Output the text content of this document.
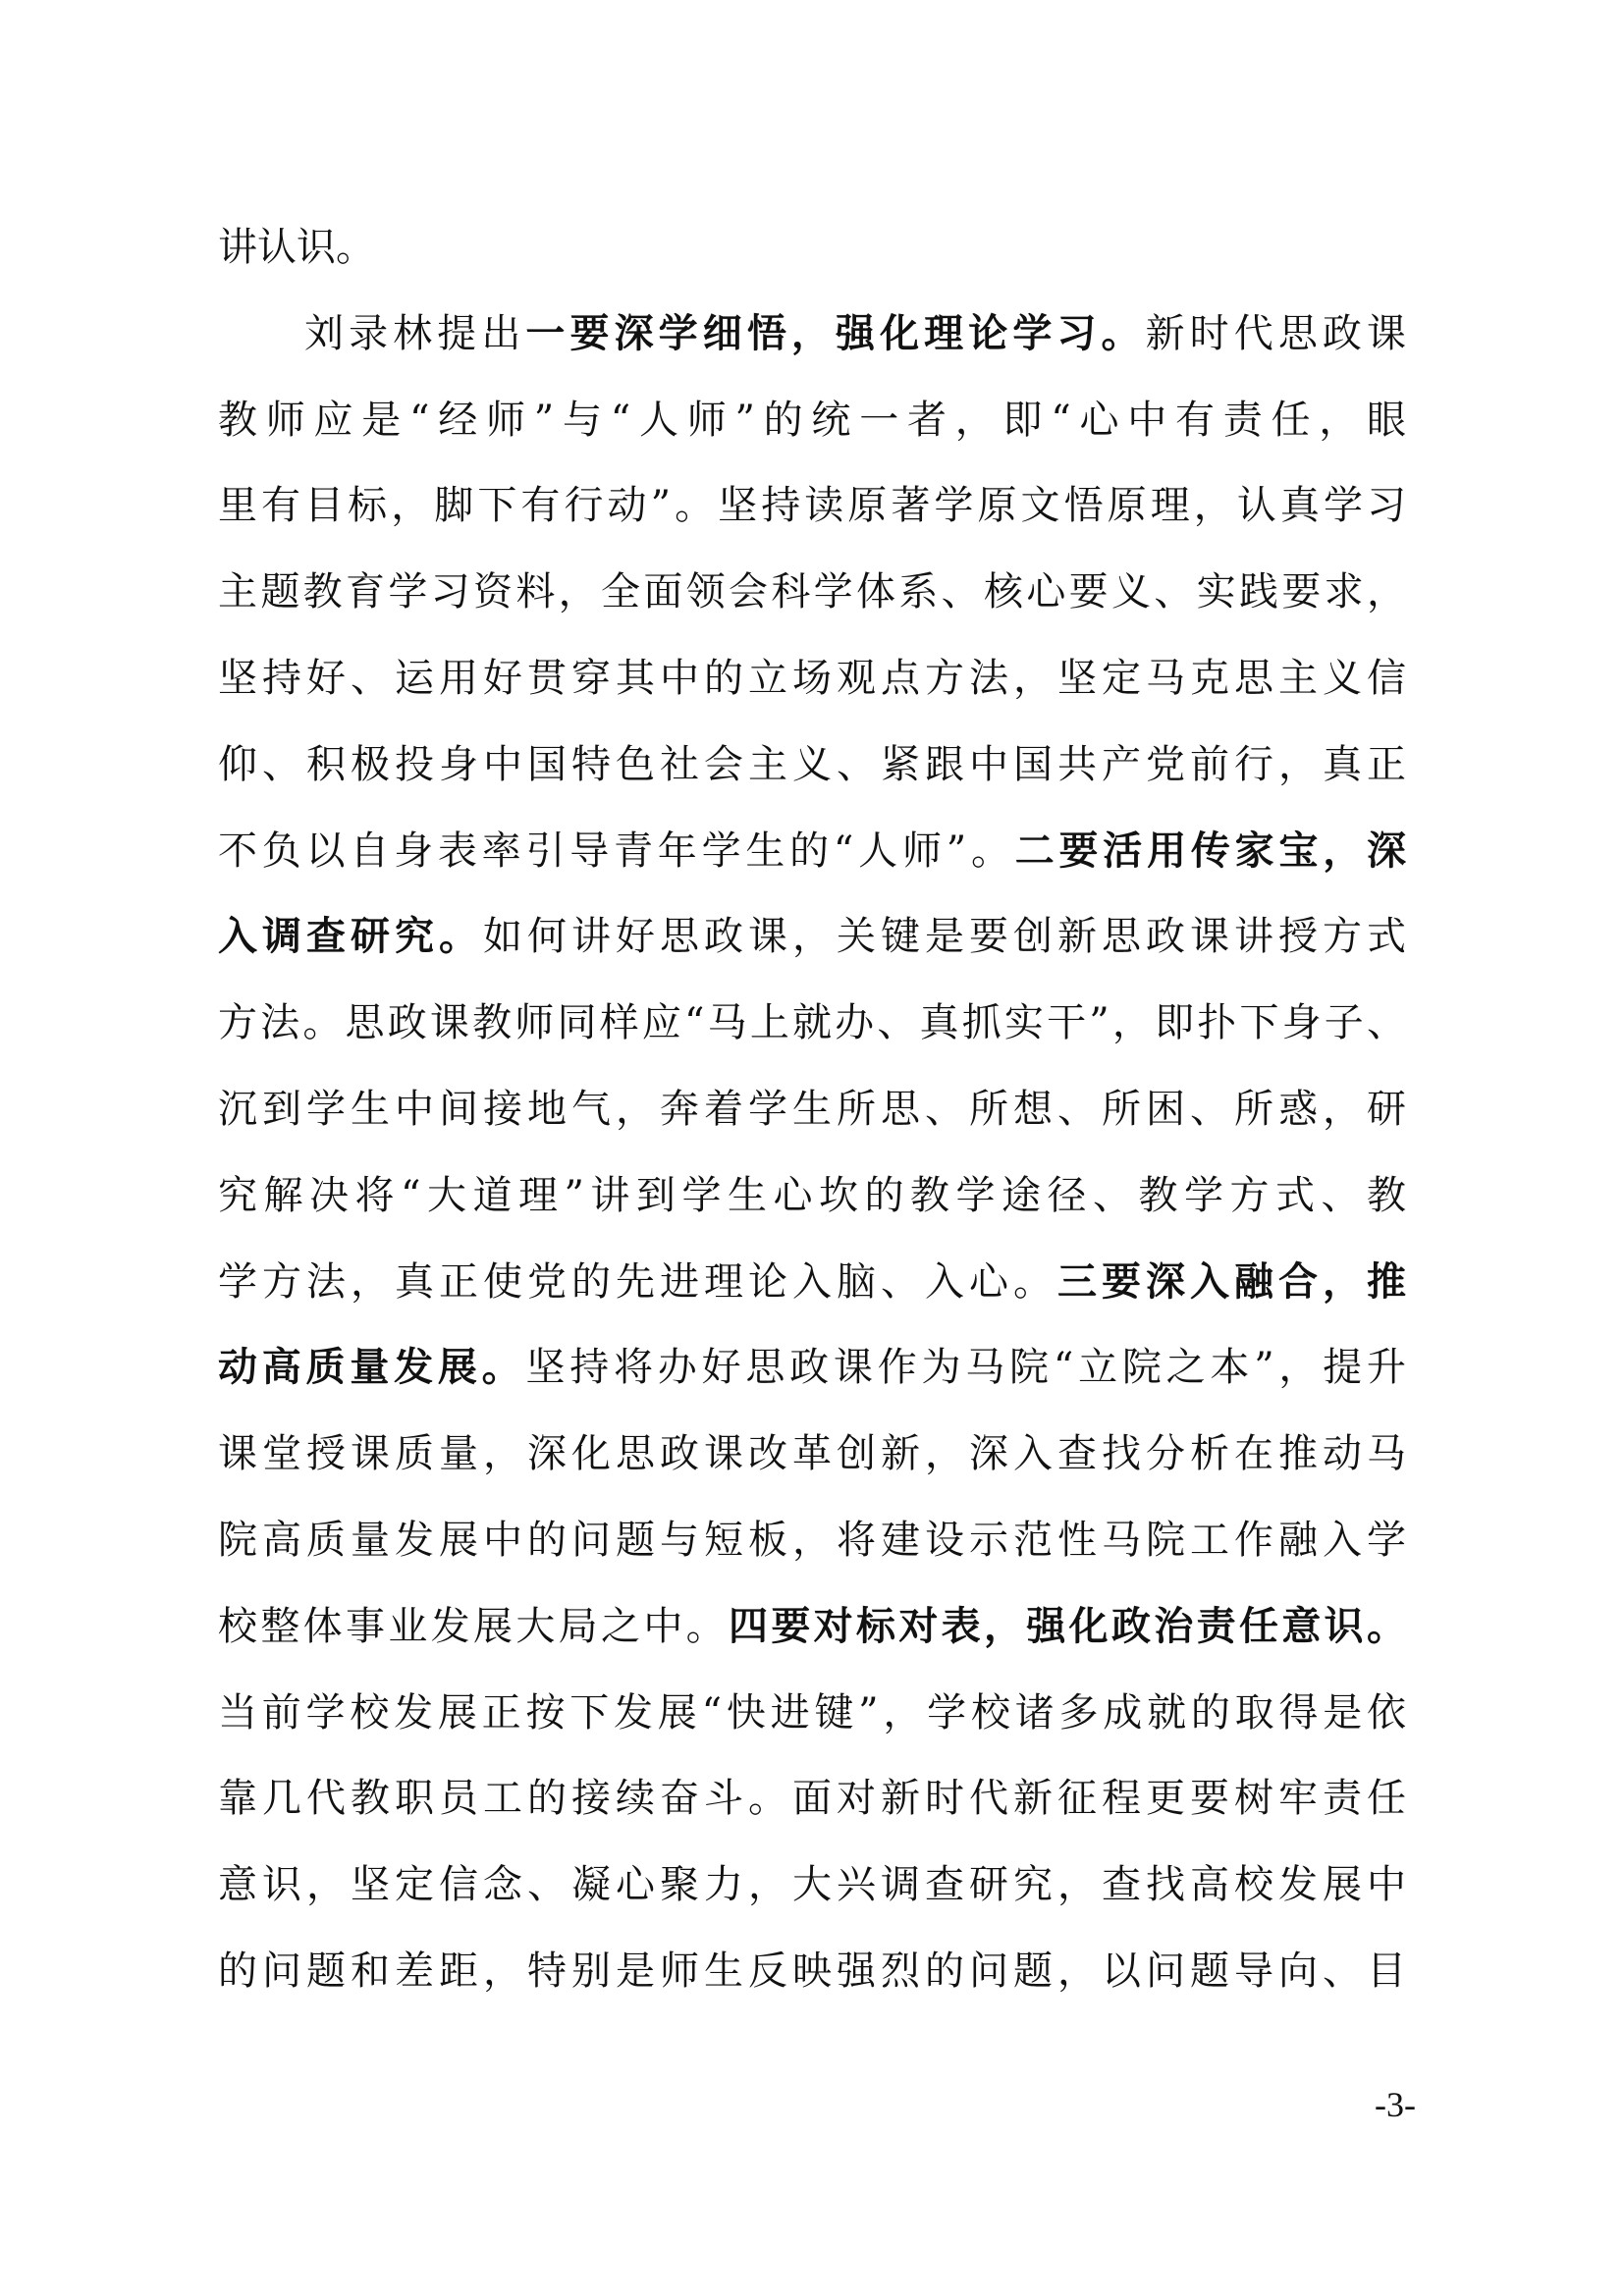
讲认识。
刘录林提出一要深学细悟，强化理论学习。新时代思政课
教师应是“经师”与“人师”的统一者，即“心中有责任，眼
里有目标，脚下有行动”。坚持读原著学原文悟原理，认真学习
主题教育学习资料，全面领会科学体系、核心要义、实践要求，
坚持好、运用好贯穿其中的立场观点方法，坚定马克思主义信
仰、积极投身中国特色社会主义、紧跟中国共产党前行，真正
不负以自身表率引导青年学生的“人师”。二要活用传家宝，深
入调查研究。如何讲好思政课，关键是要创新思政课讲授方式
方法。思政课教师同样应“马上就办、真抓实干”，即扑下身子、
沉到学生中间接地气，奔着学生所思、所想、所困、所惑，研
究解决将“大道理”讲到学生心坎的教学途径、教学方式、教
学方法，真正使党的先进理论入脑、入心。三要深入融合，推
动高质量发展。坚持将办好思政课作为马院“立院之本”，提升
课堂授课质量，深化思政课改革创新，深入查找分析在推动马
院高质量发展中的问题与短板，将建设示范性马院工作融入学
校整体事业发展大局之中。四要对标对表，强化政治责任意识。
当前学校发展正按下发展“快进键”，学校诸多成就的取得是依
靠几代教职员工的接续奋斗。面对新时代新征程更要树牢责任
意识，坚定信念、凝心聚力，大兴调查研究，查找高校发展中
的问题和差距，特别是师生反映强烈的问题，以问题导向、目
-3-
